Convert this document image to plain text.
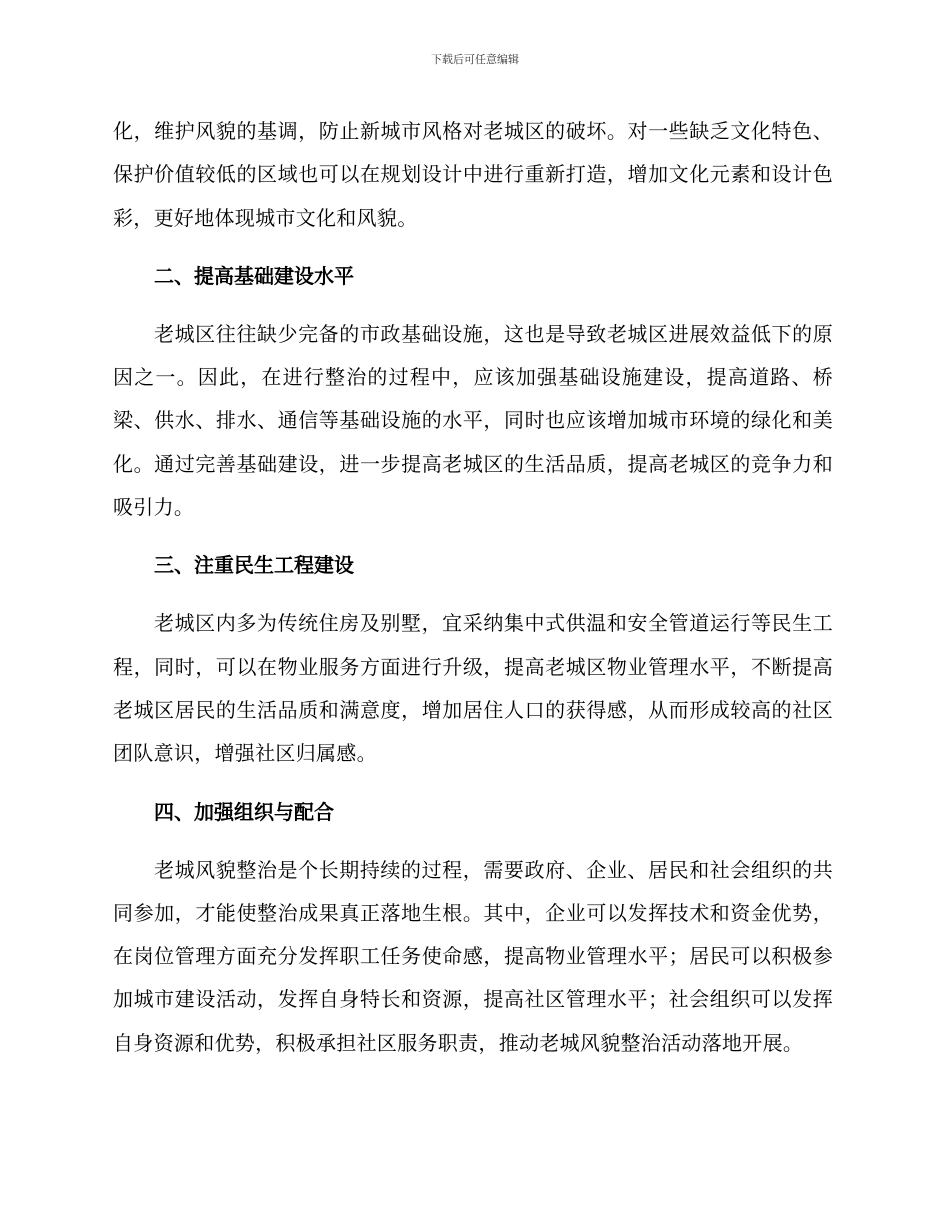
下载后可任意编辑

化，维护风貌的基调，防止新城市风格对老城区的破坏。对一些缺乏文化特色、保护价值较低的区域也可以在规划设计中进行重新打造，增加文化元素和设计色彩，更好地体现城市文化和风貌。

二、提高基础建设水平

老城区往往缺少完备的市政基础设施，这也是导致老城区进展效益低下的原因之一。因此，在进行整治的过程中，应该加强基础设施建设，提高道路、桥梁、供水、排水、通信等基础设施的水平，同时也应该增加城市环境的绿化和美化。通过完善基础建设，进一步提高老城区的生活品质，提高老城区的竞争力和吸引力。

三、注重民生工程建设

老城区内多为传统住房及别墅，宜采纳集中式供温和安全管道运行等民生工程，同时，可以在物业服务方面进行升级，提高老城区物业管理水平，不断提高老城区居民的生活品质和满意度，增加居住人口的获得感，从而形成较高的社区团队意识，增强社区归属感。

四、加强组织与配合

老城风貌整治是个长期持续的过程，需要政府、企业、居民和社会组织的共同参加，才能使整治成果真正落地生根。其中，企业可以发挥技术和资金优势，在岗位管理方面充分发挥职工任务使命感，提高物业管理水平；居民可以积极参加城市建设活动，发挥自身特长和资源，提高社区管理水平；社会组织可以发挥自身资源和优势，积极承担社区服务职责，推动老城风貌整治活动落地开展。
